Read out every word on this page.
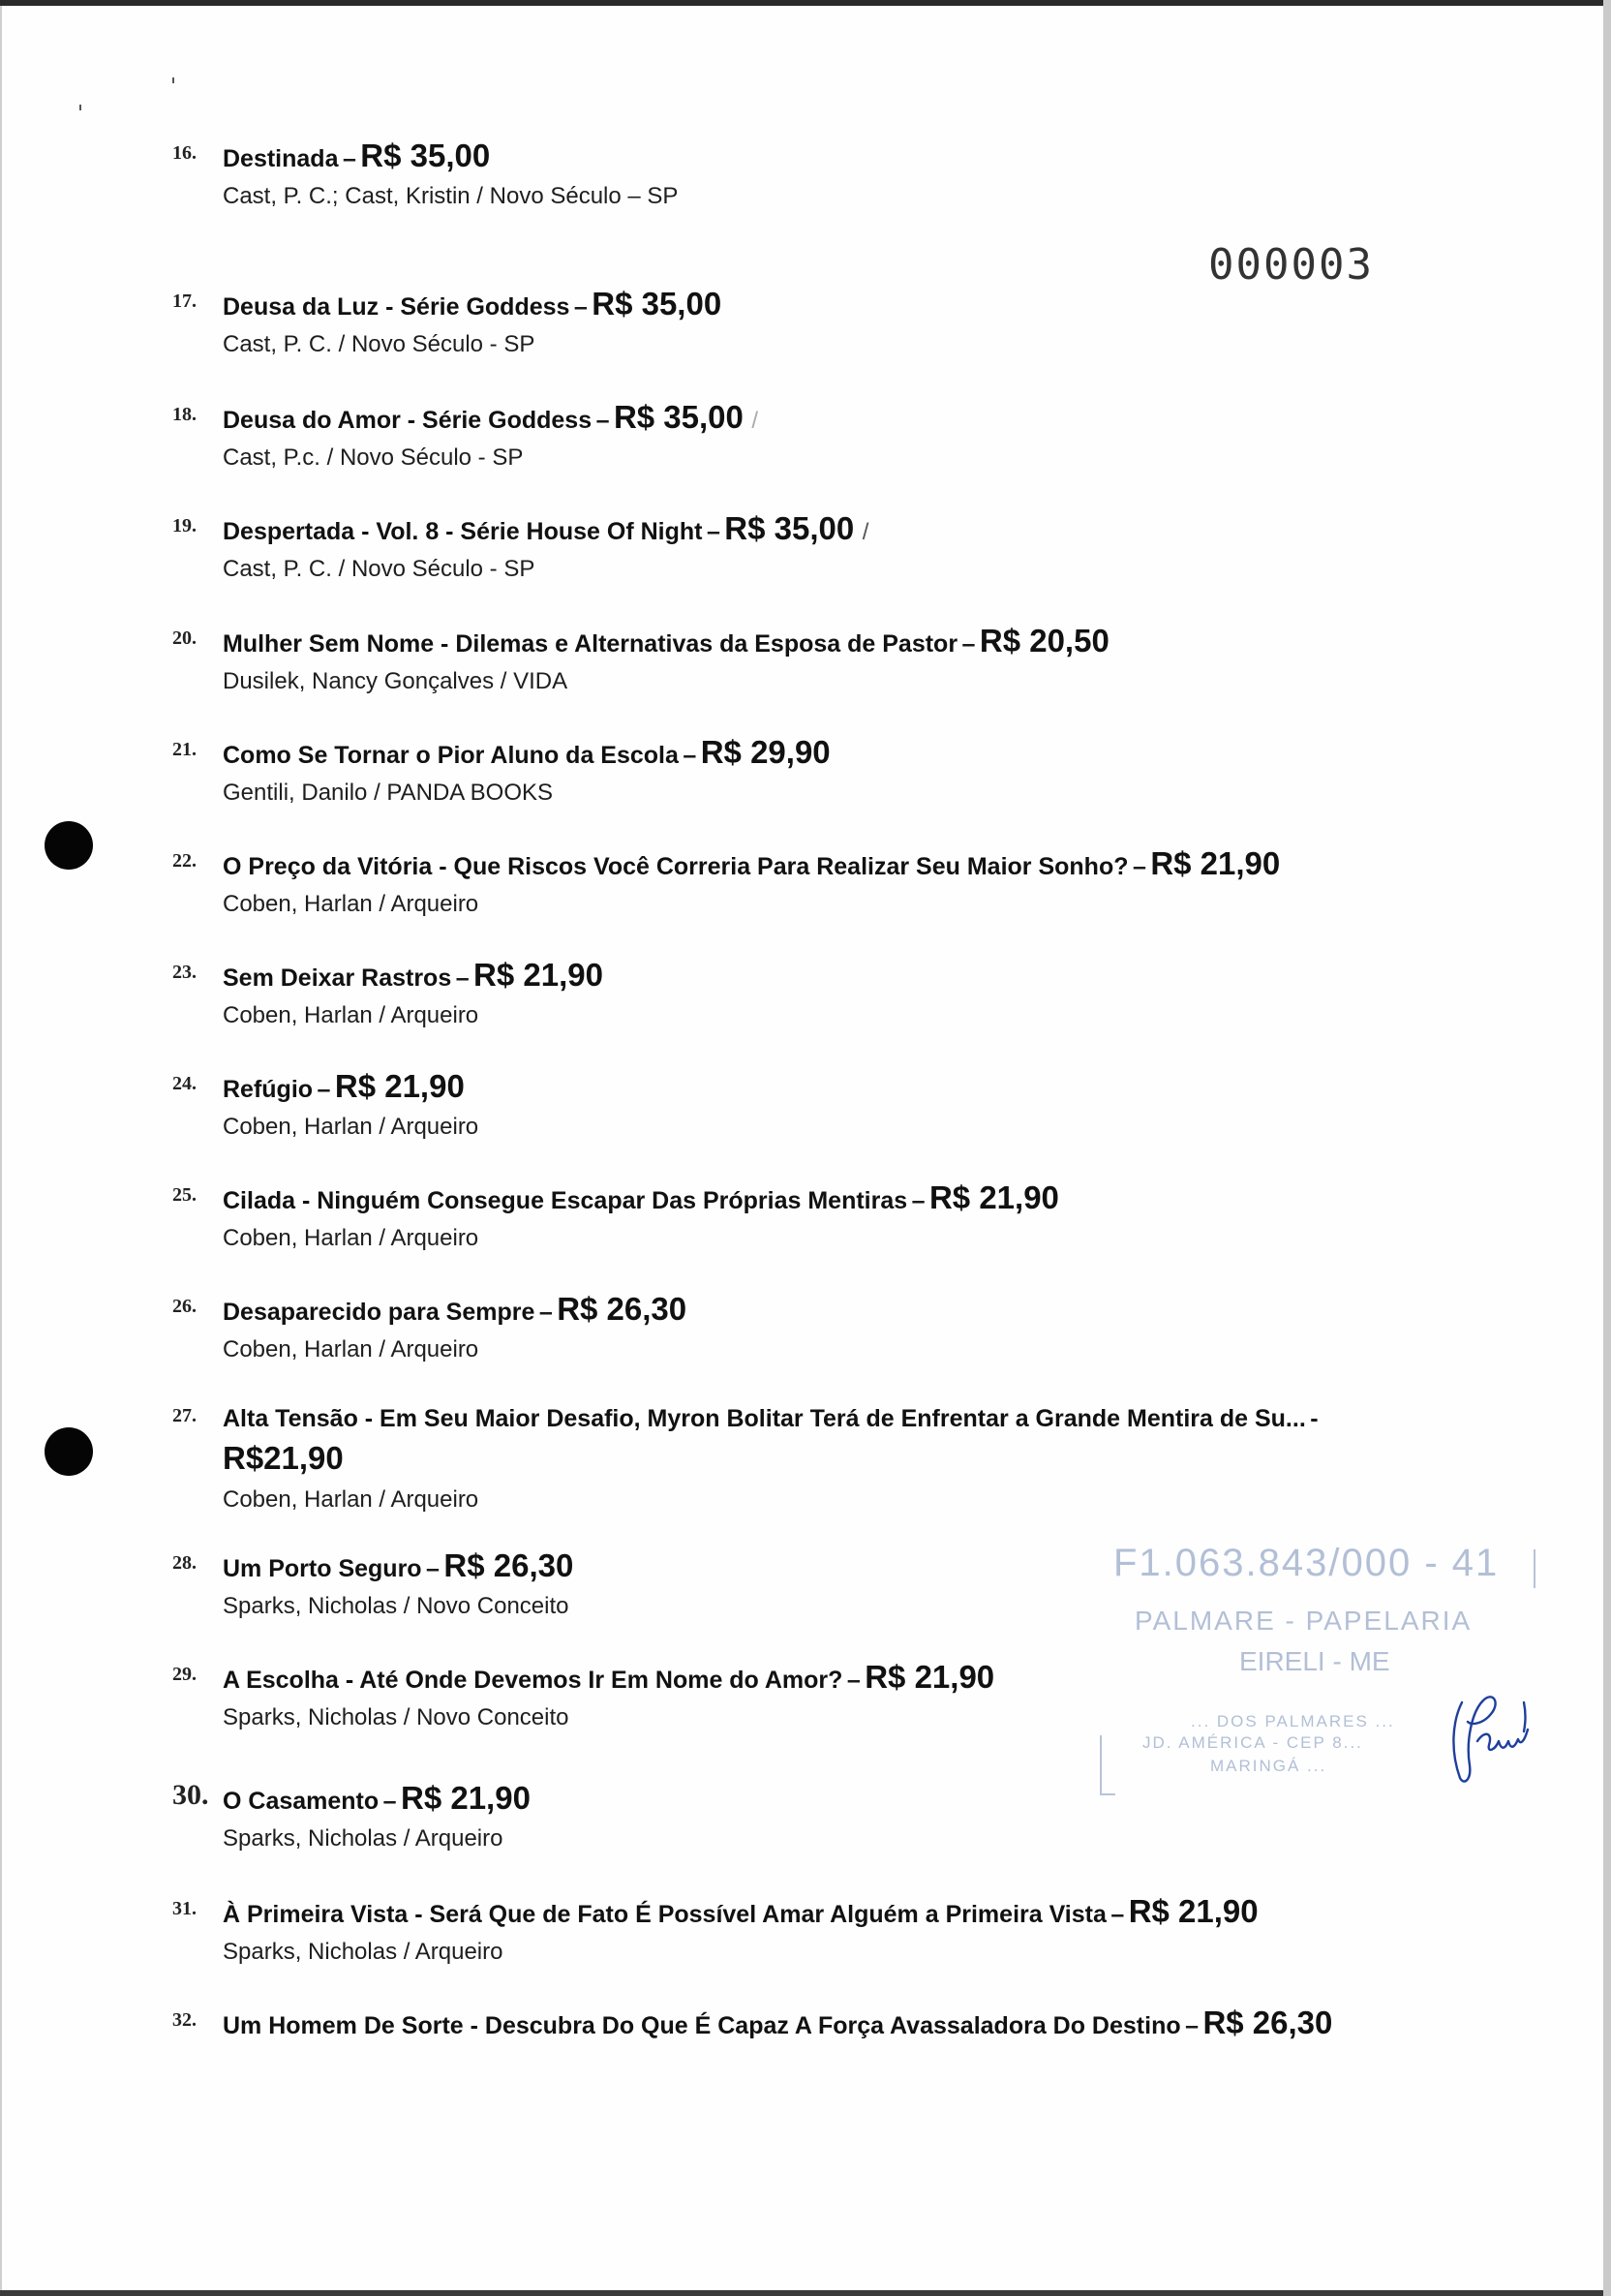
000003
16.	Destinada – R$ 35,00
Cast, P. C.; Cast, Kristin / Novo Século – SP
17.	Deusa da Luz - Série Goddess – R$ 35,00
Cast, P. C. / Novo Século - SP
18.	Deusa do Amor - Série Goddess – R$ 35,00 /
Cast, P.c. / Novo Século - SP
19.	Despertada - Vol. 8 - Série House Of Night – R$ 35,00 /
Cast, P. C. / Novo Século - SP
20.	Mulher Sem Nome - Dilemas e Alternativas da Esposa de Pastor – R$ 20,50
Dusilek, Nancy Gonçalves / VIDA
21.	Como Se Tornar o Pior Aluno da Escola – R$ 29,90
Gentili, Danilo / PANDA BOOKS
22.	O Preço da Vitória - Que Riscos Você Correria Para Realizar Seu Maior Sonho? – R$ 21,90
Coben, Harlan / Arqueiro
23.	Sem Deixar Rastros – R$ 21,90
Coben, Harlan / Arqueiro
24.	Refúgio – R$ 21,90
Coben, Harlan / Arqueiro
25.	Cilada - Ninguém Consegue Escapar Das Próprias Mentiras – R$ 21,90
Coben, Harlan / Arqueiro
26.	Desaparecido para Sempre – R$ 26,30
Coben, Harlan / Arqueiro
27.	Alta Tensão - Em Seu Maior Desafio, Myron Bolitar Terá de Enfrentar a Grande Mentira de Su... -
R$21,90
Coben, Harlan / Arqueiro
28.	Um Porto Seguro – R$ 26,30
Sparks, Nicholas / Novo Conceito
29.	A Escolha - Até Onde Devemos Ir Em Nome do Amor? – R$ 21,90
Sparks, Nicholas / Novo Conceito
30. O Casamento – R$ 21,90
Sparks, Nicholas / Arqueiro
31.	À Primeira Vista - Será Que de Fato É Possível Amar Alguém a Primeira Vista – R$ 21,90
Sparks, Nicholas / Arqueiro
32.	Um Homem De Sorte - Descubra Do Que É Capaz A Força Avassaladora Do Destino – R$ 26,30
F1.063.843/000 - 41
PALMARE - PAPELARIA
EIRELI - ME
... DOS PALMARES ...
JD. AMÉRICA - CEP 8...
MARINGÁ ...
